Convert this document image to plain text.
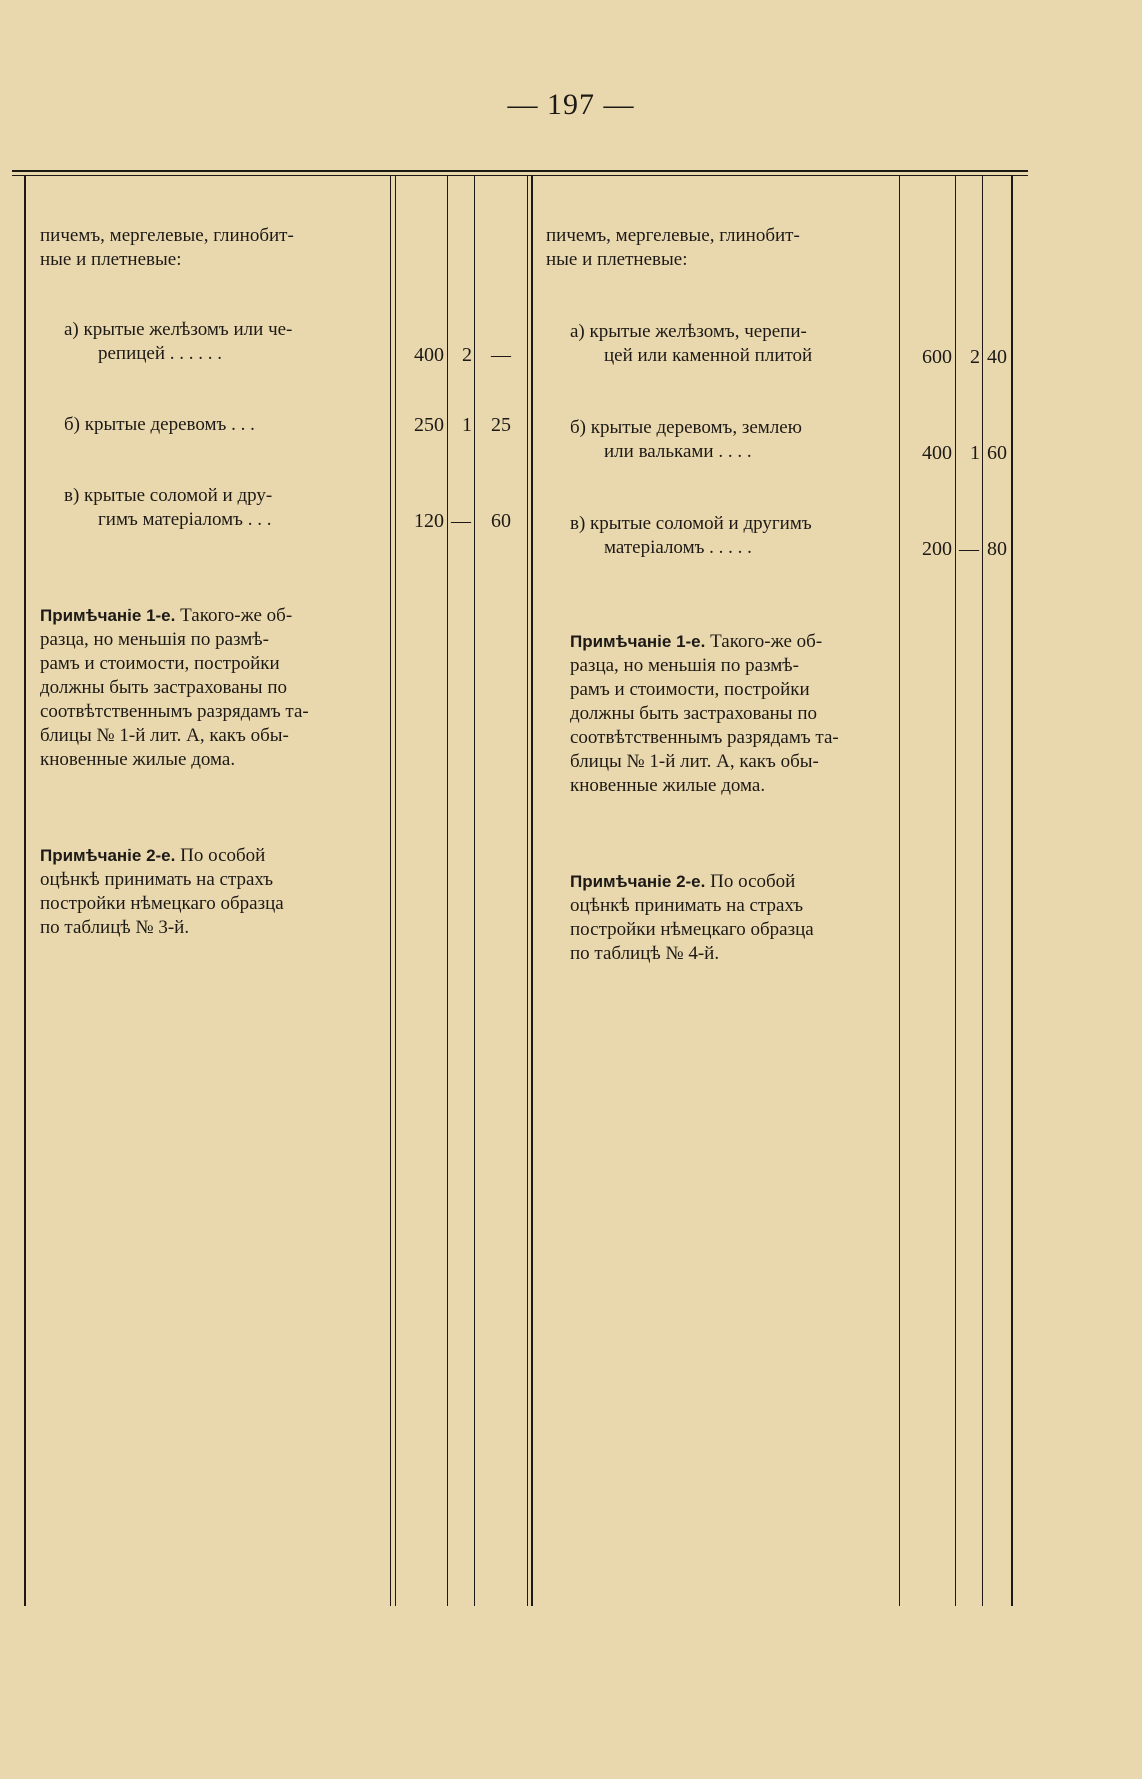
— 197 —
пичемъ, мергелевые, глинобит-
ные и плетневые:
а) крытые желѣзомъ или че-
репицей . . . . . .	400 2 —
б) крытые деревомъ . . .	250 1 25
в) крытые соломой и дру-
гимъ матеріаломъ . . .	120 —	60
Примѣчаніе 1-е. Такого-же об-
разца, но меньшія по размѣ-
рамъ и стоимости, постройки
должны быть застрахованы по
соотвѣтственнымъ разрядамъ та-
блицы № 1-й лит. А, какъ обы-
кновенные жилые дома.
Примѣчаніе 2-е. По особой
оцѣнкѣ принимать на страхъ
постройки нѣмецкаго образца
по таблицѣ № 3-й.
пичемъ, мергелевые, глинобит-
ные и плетневые:
а) крытые желѣзомъ, черепи-
цей или каменной плитой	600 2 40
б) крытые деревомъ, землею
или вальками . . . .	400 1 60
в) крытые соломой и другимъ
матеріаломъ . . . . .	200 — 80
Примѣчаніе 1-е. Такого-же об-
разца, но меньшія по размѣ-
рамъ и стоимости, постройки
должны быть застрахованы по
соотвѣтственнымъ разрядамъ та-
блицы № 1-й лит. А, какъ обы-
кновенные жилые дома.
Примѣчаніе 2-е. По особой
оцѣнкѣ принимать на страхъ
постройки нѣмецкаго образца
по таблицѣ № 4-й.
